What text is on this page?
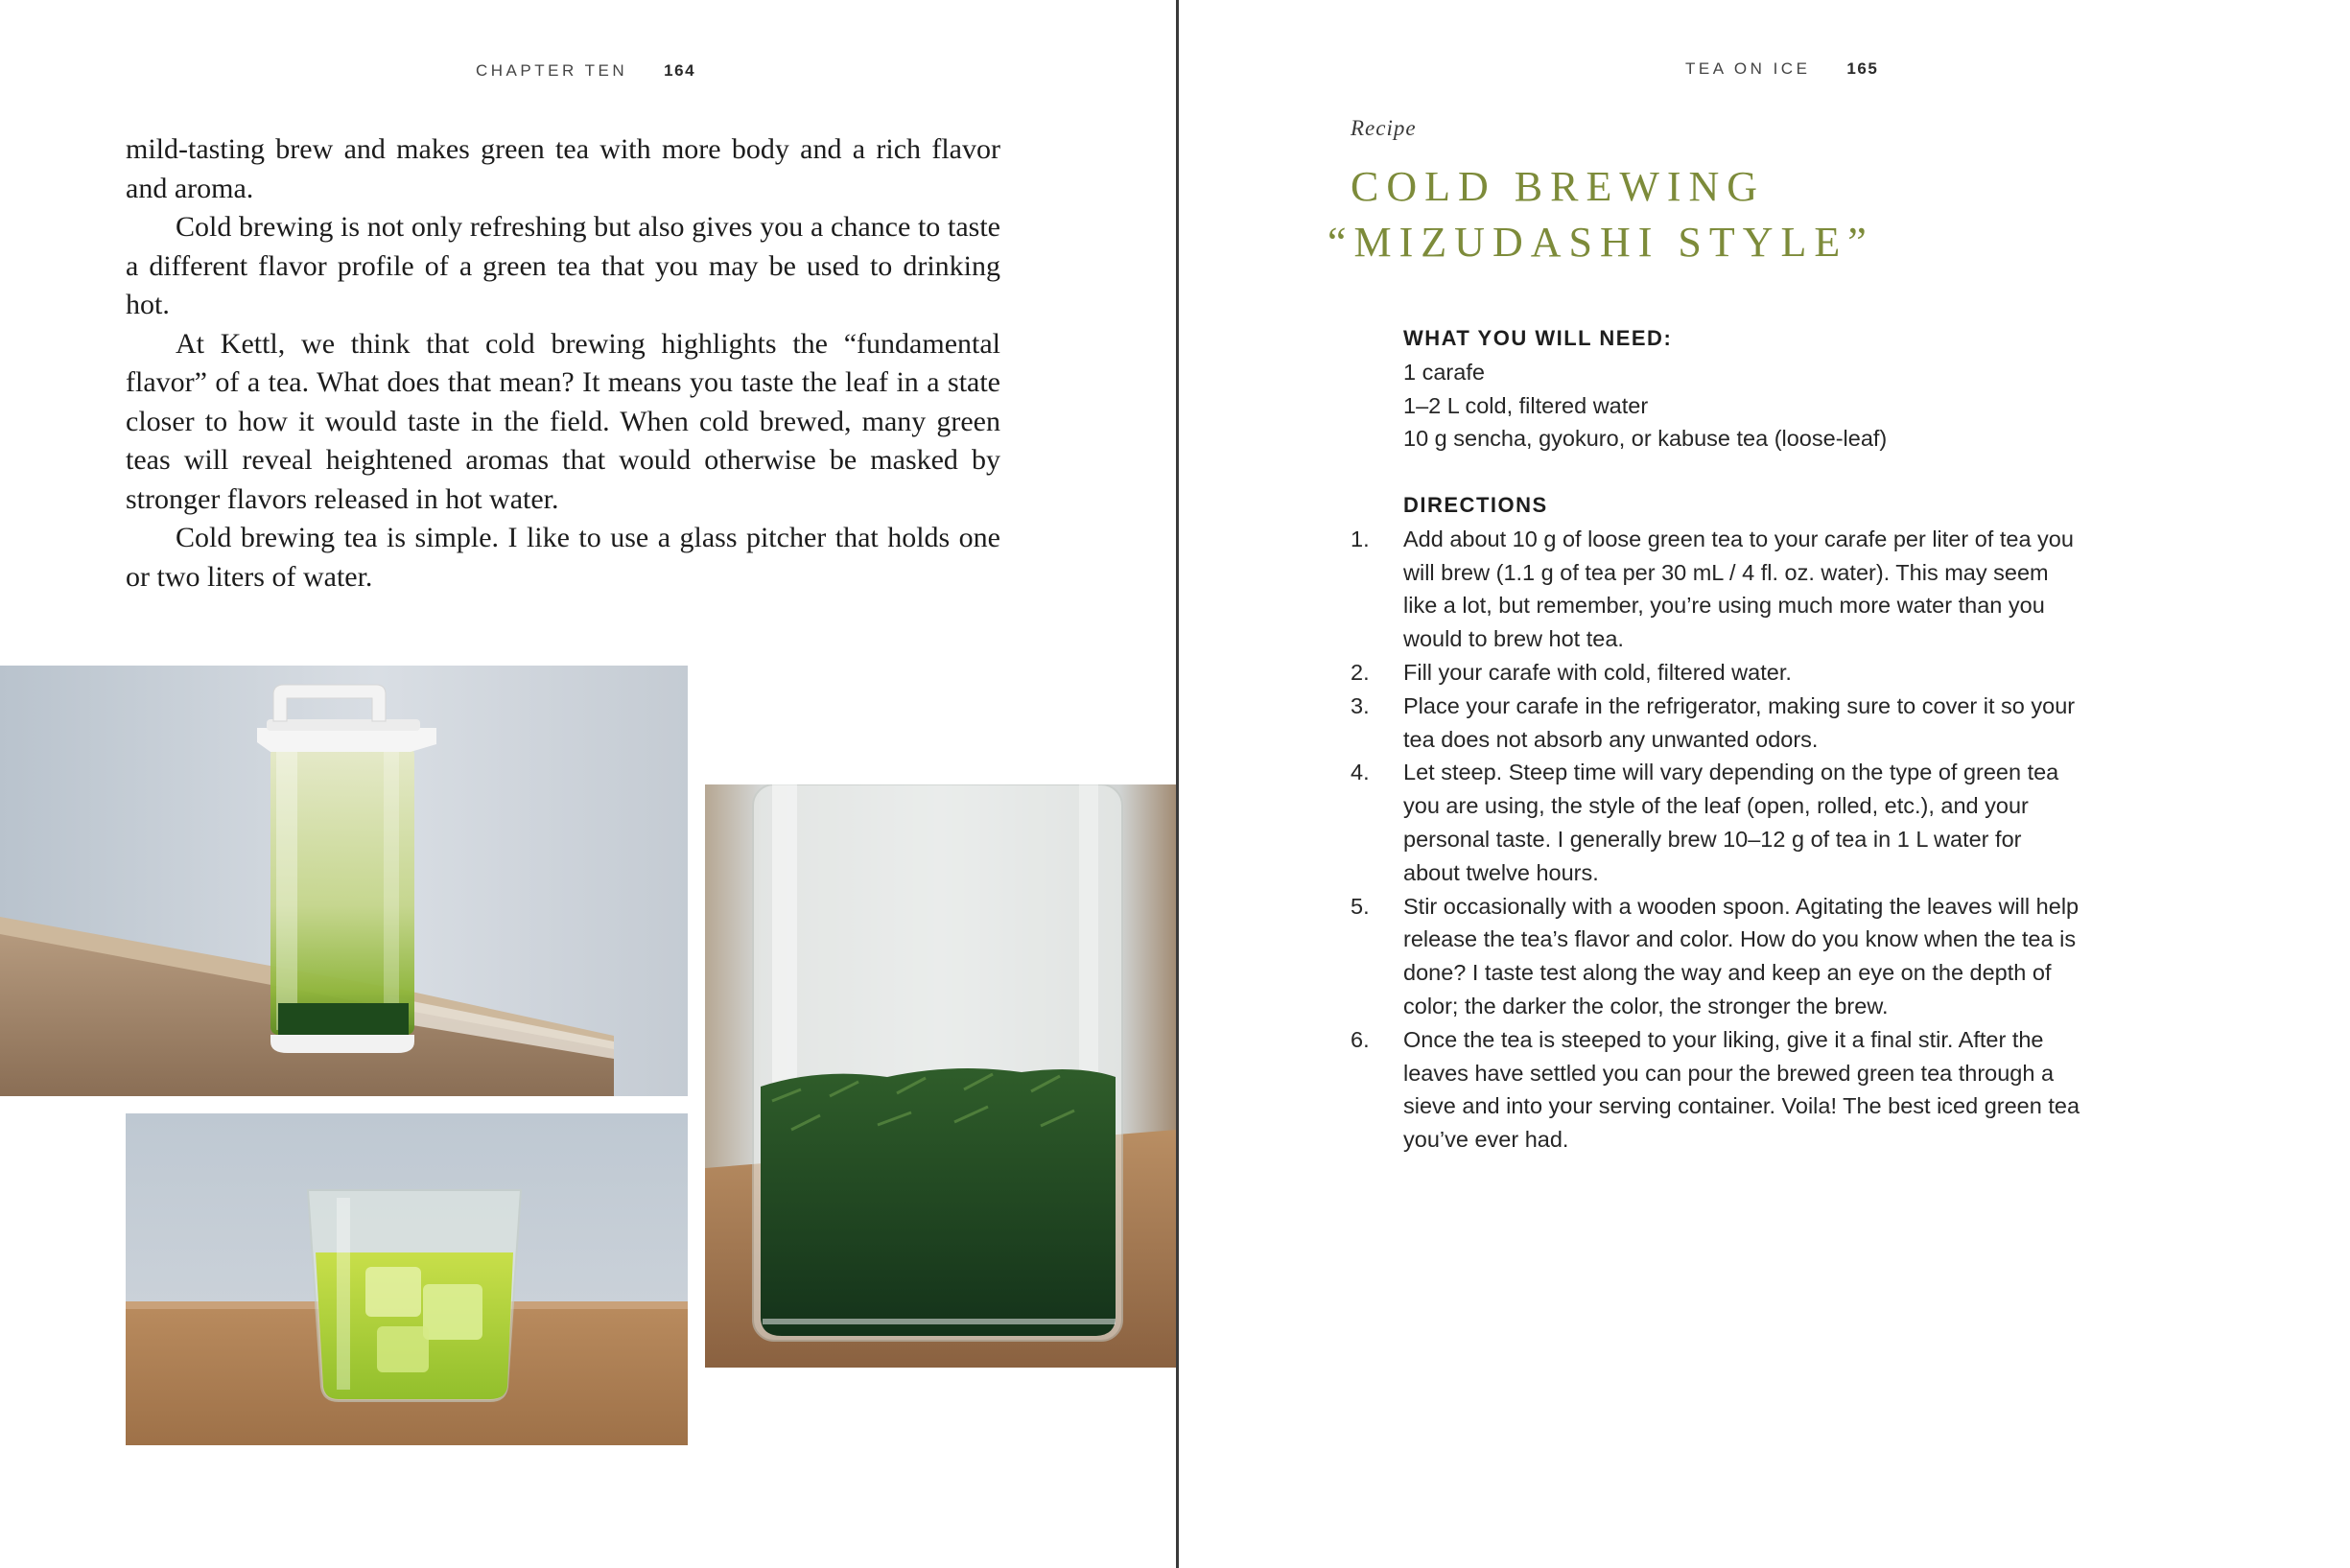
CHAPTER TEN 164

mild-tasting brew and makes green tea with more body and a rich flavor and aroma.

Cold brewing is not only refreshing but also gives you a chance to taste a different flavor profile of a green tea that you may be used to drinking hot.

At Kettl, we think that cold brewing highlights the “fundamental flavor” of a tea. What does that mean? It means you taste the leaf in a state closer to how it would taste in the field. When cold brewed, many green teas will reveal heightened aromas that would otherwise be masked by stronger flavors released in hot water.

Cold brewing tea is simple. I like to use a glass pitcher that holds one or two liters of water.

TEA ON ICE 165
Recipe
COLD BREWING
“MIZUDASHI STYLE”
WHAT YOU WILL NEED:
1 carafe
1–2 L cold, filtered water
10 g sencha, gyokuro, or kabuse tea (loose-leaf)
DIRECTIONS
1.	Add about 10 g of loose green tea to your carafe per liter of tea you will brew (1.1 g of tea per 30 mL / 4 fl. oz. water). This may seem like a lot, but remember, you’re using much more water than you would to brew hot tea.
2.	Fill your carafe with cold, filtered water.
3.	Place your carafe in the refrigerator, making sure to cover it so your tea does not absorb any unwanted odors.
4.	Let steep. Steep time will vary depending on the type of green tea you are using, the style of the leaf (open, rolled, etc.), and your personal taste. I generally brew 10–12 g of tea in 1 L water for about twelve hours.
5.	Stir occasionally with a wooden spoon. Agitating the leaves will help release the tea’s flavor and color. How do you know when the tea is done? I taste test along the way and keep an eye on the depth of color; the darker the color, the stronger the brew.
6.	Once the tea is steeped to your liking, give it a final stir. After the leaves have settled you can pour the brewed green tea through a sieve and into your serving container. Voila! The best iced green tea you’ve ever had.
